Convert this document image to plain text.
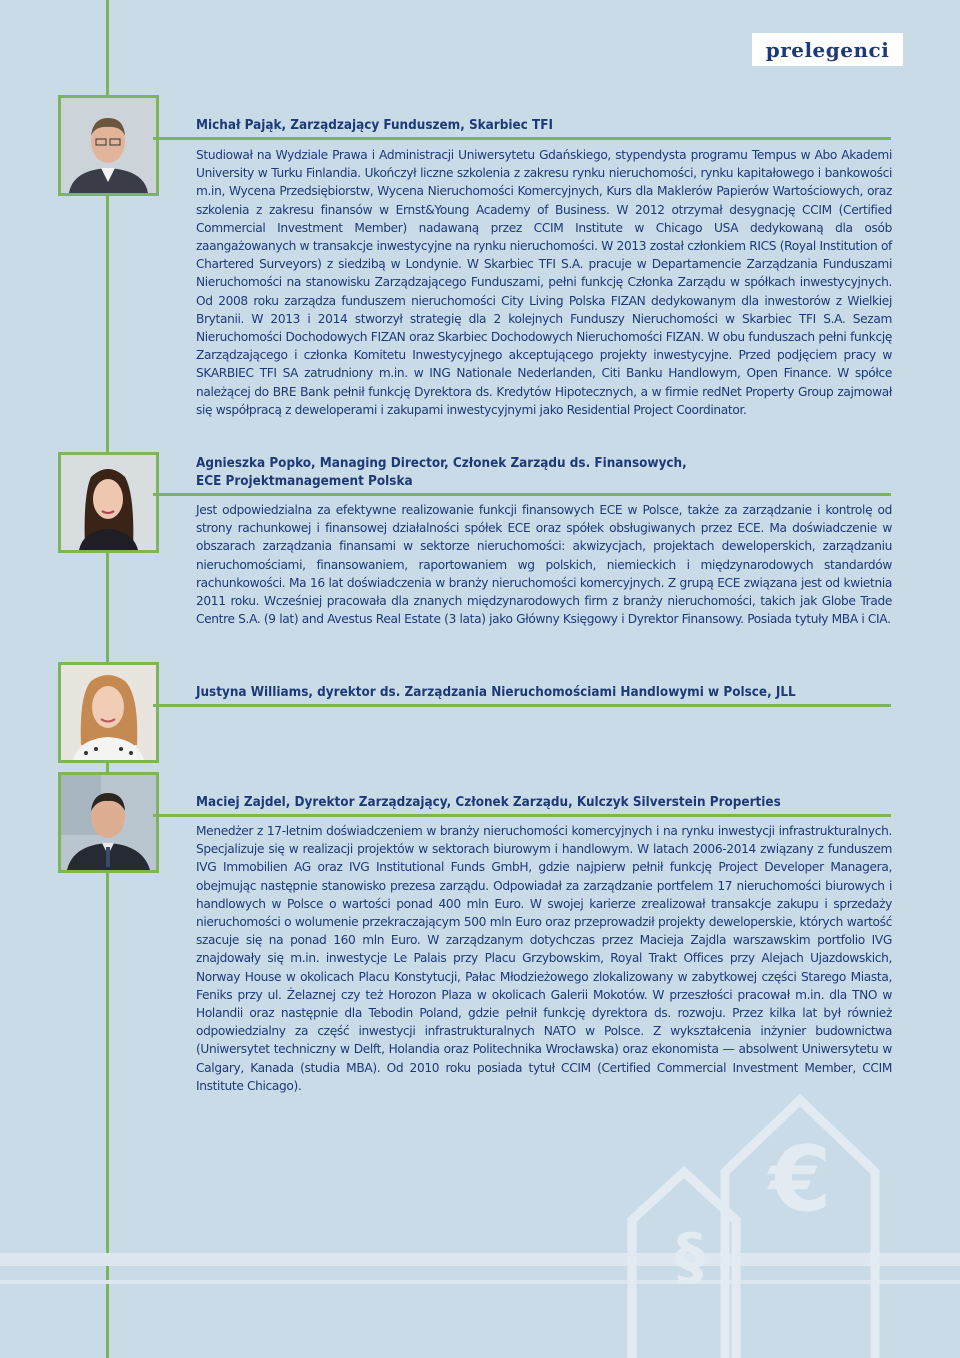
prelegenci
Michał Pająk, Zarządzający Funduszem, Skarbiec TFI
Studiował na Wydziale Prawa i Administracji Uniwersytetu Gdańskiego, stypendysta programu Tempus w Abo Akademi University w Turku Finlandia. Ukończył liczne szkolenia z zakresu rynku nieruchomości, rynku kapitałowego i bankowości m.in, Wycena Przedsiębiorstw, Wycena Nieruchomości Komercyjnych, Kurs dla Maklerów Papierów Wartościowych, oraz szkolenia z zakresu finansów w Ernst&Young Academy of Business. W 2012 otrzymał desygnację CCIM (Certified Commercial Investment Member) nadawaną przez CCIM Institute w Chicago USA dedykowaną dla osób zaangażowanych w transakcje inwestycyjne na rynku nieruchomości. W 2013 został członkiem RICS (Royal Institution of Chartered Surveyors) z siedzibą w Londynie. W Skarbiec TFI S.A. pracuje w Departamencie Zarządzania Funduszami Nieruchomości na stanowisku Zarządzającego Funduszami, pełni funkcję Członka Zarządu w spółkach inwestycyjnych. Od 2008 roku zarządza funduszem nieruchomości City Living Polska FIZAN dedykowanym dla inwestorów z Wielkiej Brytanii. W 2013 i 2014 stworzył strategię dla 2 kolejnych Funduszy Nieruchomości w Skarbiec TFI S.A. Sezam Nieruchomości Dochodowych FIZAN oraz Skarbiec Dochodowych Nieruchomości FIZAN. W obu funduszach pełni funkcję Zarządzającego i członka Komitetu Inwestycyjnego akceptującego projekty inwestycyjne. Przed podjęciem pracy w SKARBIEC TFI SA zatrudniony m.in. w ING Nationale Nederlanden, Citi Banku Handlowym, Open Finance. W spółce należącej do BRE Bank pełnił funkcję Dyrektora ds. Kredytów Hipotecznych, a w firmie redNet Property Group zajmował się współpracą z deweloperami i zakupami inwestycyjnymi jako Residential Project Coordinator.
Agnieszka Popko, Managing Director, Członek Zarządu ds. Finansowych,
ECE Projektmanagement Polska
Jest odpowiedzialna za efektywne realizowanie funkcji finansowych ECE w Polsce, także za zarządzanie i kontrolę od strony rachunkowej i finansowej działalności spółek ECE oraz spółek obsługiwanych przez ECE. Ma doświadczenie w obszarach zarządzania finansami w sektorze nieruchomości: akwizycjach, projektach deweloperskich, zarządzaniu nieruchomościami, finansowaniem, raportowaniem wg polskich, niemieckich i międzynarodowych standardów rachunkowości. Ma 16 lat doświadczenia w branży nieruchomości komercyjnych. Z grupą ECE związana jest od kwietnia 2011 roku. Wcześniej pracowała dla znanych międzynarodowych firm z branży nieruchomości, takich jak Globe Trade Centre S.A. (9 lat) and Avestus Real Estate (3 lata) jako Główny Księgowy i Dyrektor Finansowy. Posiada tytuły MBA i CIA.
Justyna Williams, dyrektor ds. Zarządzania Nieruchomościami Handlowymi w Polsce, JLL
Maciej Zajdel, Dyrektor Zarządzający, Członek Zarządu, Kulczyk Silverstein Properties
Menedżer z 17-letnim doświadczeniem w branży nieruchomości komercyjnych i na rynku inwestycji infrastrukturalnych. Specjalizuje się w realizacji projektów w sektorach biurowym i handlowym. W latach 2006-2014 związany z funduszem IVG Immobilien AG oraz IVG Institutional Funds GmbH, gdzie najpierw pełnił funkcję Project Developer Managera, obejmując następnie stanowisko prezesa zarządu. Odpowiadał za zarządzanie portfelem 17 nieruchomości biurowych i handlowych w Polsce o wartości ponad 400 mln Euro. W swojej karierze zrealizował transakcje zakupu i sprzedaży nieruchomości o wolumenie przekraczającym 500 mln Euro oraz przeprowadził projekty deweloperskie, których wartość szacuje się na ponad 160 mln Euro. W zarządzanym dotychczas przez Macieja Zajdla warszawskim portfolio IVG znajdowały się m.in. inwestycje Le Palais przy Placu Grzybowskim, Royal Trakt Offices przy Alejach Ujazdowskich, Norway House w okolicach Placu Konstytucji, Pałac Młodzieżowego zlokalizowany w zabytkowej części Starego Miasta, Feniks przy ul. Żelaznej czy też Horozon Plaza w okolicach Galerii Mokotów. W przeszłości pracował m.in. dla TNO w Holandii oraz następnie dla Tebodin Poland, gdzie pełnił funkcję dyrektora ds. rozwoju. Przez kilka lat był również odpowiedzialny za część inwestycji infrastrukturalnych NATO w Polsce. Z wykształcenia inżynier budownictwa (Uniwersytet techniczny w Delft, Holandia oraz Politechnika Wrocławska) oraz ekonomista — absolwent Uniwersytetu w Calgary, Kanada (studia MBA). Od 2010 roku posiada tytuł CCIM (Certified Commercial Investment Member, CCIM Institute Chicago).
§
€
